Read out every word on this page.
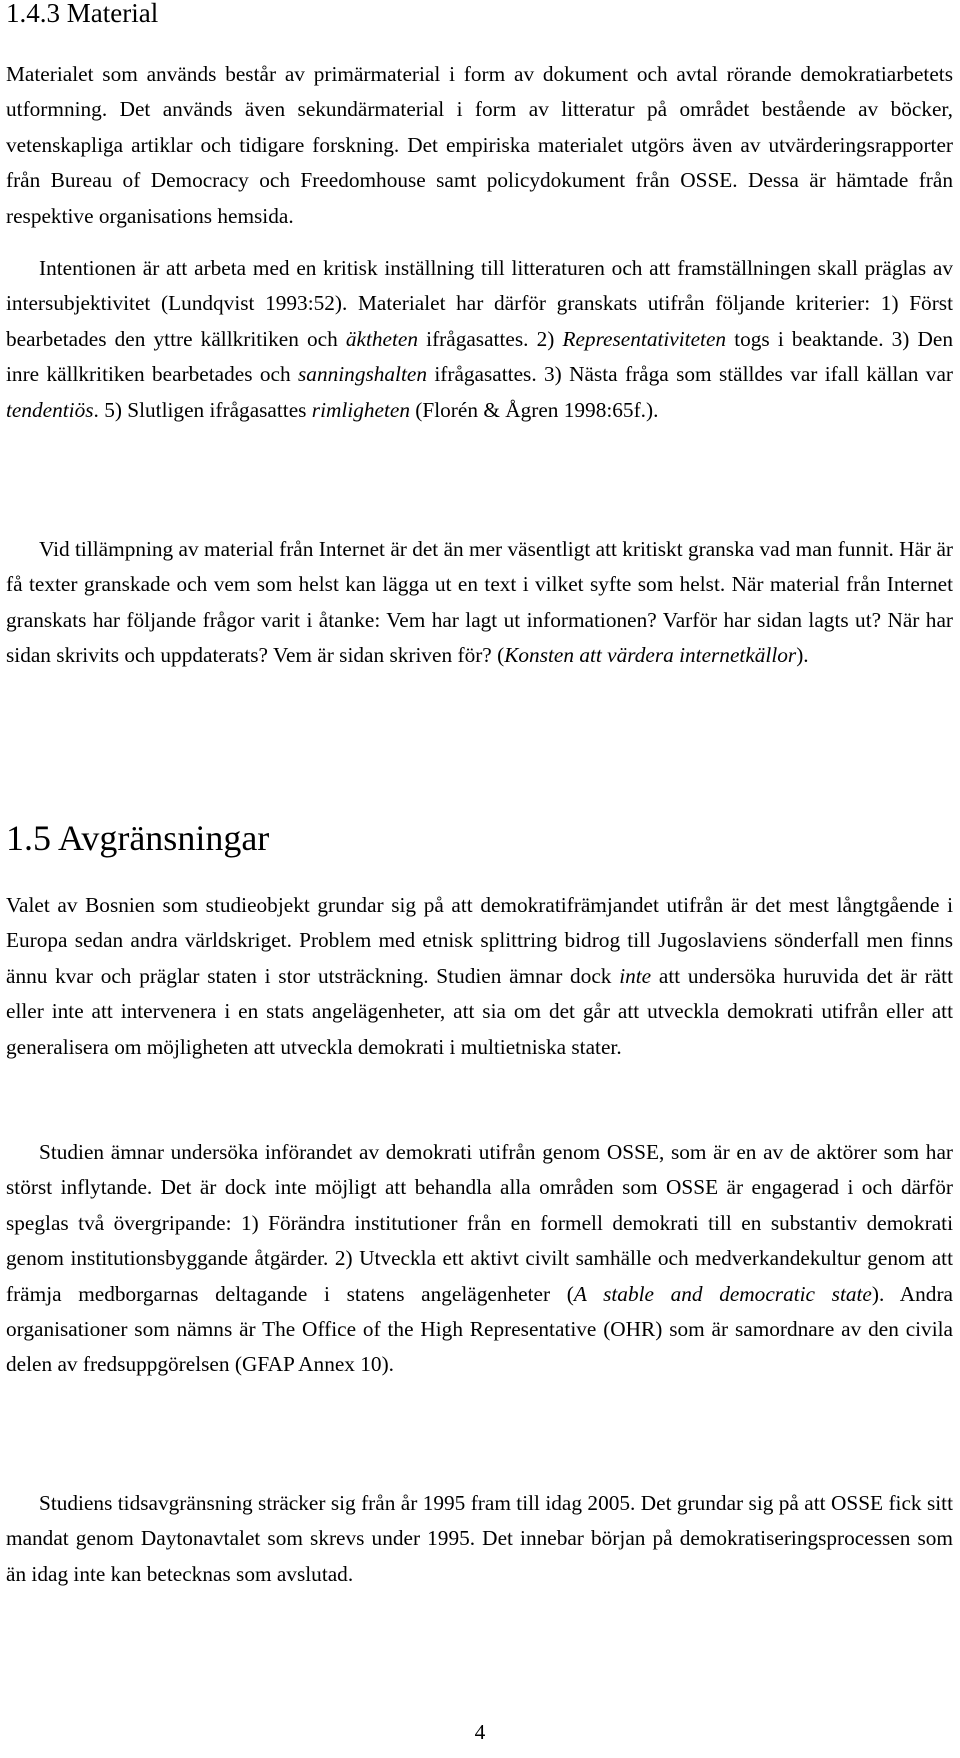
1.4.3 Material

Materialet som används består av primärmaterial i form av dokument och avtal rörande demokratiarbetets utformning. Det används även sekundärmaterial i form av litteratur på området bestående av böcker, vetenskapliga artiklar och tidigare forskning. Det empiriska materialet utgörs även av utvärderingsrapporter från Bureau of Democracy och Freedomhouse samt policydokument från OSSE. Dessa är hämtade från respektive organisations hemsida.

Intentionen är att arbeta med en kritisk inställning till litteraturen och att framställningen skall präglas av intersubjektivitet (Lundqvist 1993:52). Materialet har därför granskats utifrån följande kriterier: 1) Först bearbetades den yttre källkritiken och äktheten ifrågasattes. 2) Representativiteten togs i beaktande. 3) Den inre källkritiken bearbetades och sanningshalten ifrågasattes. 3) Nästa fråga som ställdes var ifall källan var tendentiös. 5) Slutligen ifrågasattes rimligheten (Florén & Ågren 1998:65f.).

Vid tillämpning av material från Internet är det än mer väsentligt att kritiskt granska vad man funnit. Här är få texter granskade och vem som helst kan lägga ut en text i vilket syfte som helst. När material från Internet granskats har följande frågor varit i åtanke: Vem har lagt ut informationen? Varför har sidan lagts ut? När har sidan skrivits och uppdaterats? Vem är sidan skriven för? (Konsten att värdera internetkällor).

1.5 Avgränsningar

Valet av Bosnien som studieobjekt grundar sig på att demokratifrämjandet utifrån är det mest långtgående i Europa sedan andra världskriget. Problem med etnisk splittring bidrog till Jugoslaviens sönderfall men finns ännu kvar och präglar staten i stor utsträckning. Studien ämnar dock inte att undersöka huruvida det är rätt eller inte att intervenera i en stats angelägenheter, att sia om det går att utveckla demokrati utifrån eller att generalisera om möjligheten att utveckla demokrati i multietniska stater.

Studien ämnar undersöka införandet av demokrati utifrån genom OSSE, som är en av de aktörer som har störst inflytande. Det är dock inte möjligt att behandla alla områden som OSSE är engagerad i och därför speglas två övergripande: 1) Förändra institutioner från en formell demokrati till en substantiv demokrati genom institutionsbyggande åtgärder. 2) Utveckla ett aktivt civilt samhälle och medverkandekultur genom att främja medborgarnas deltagande i statens angelägenheter (A stable and democratic state). Andra organisationer som nämns är The Office of the High Representative (OHR) som är samordnare av den civila delen av fredsuppgörelsen (GFAP Annex 10).

Studiens tidsavgränsning sträcker sig från år 1995 fram till idag 2005. Det grundar sig på att OSSE fick sitt mandat genom Daytonavtalet som skrevs under 1995. Det innebar början på demokratiseringsprocessen som än idag inte kan betecknas som avslutad.

4
